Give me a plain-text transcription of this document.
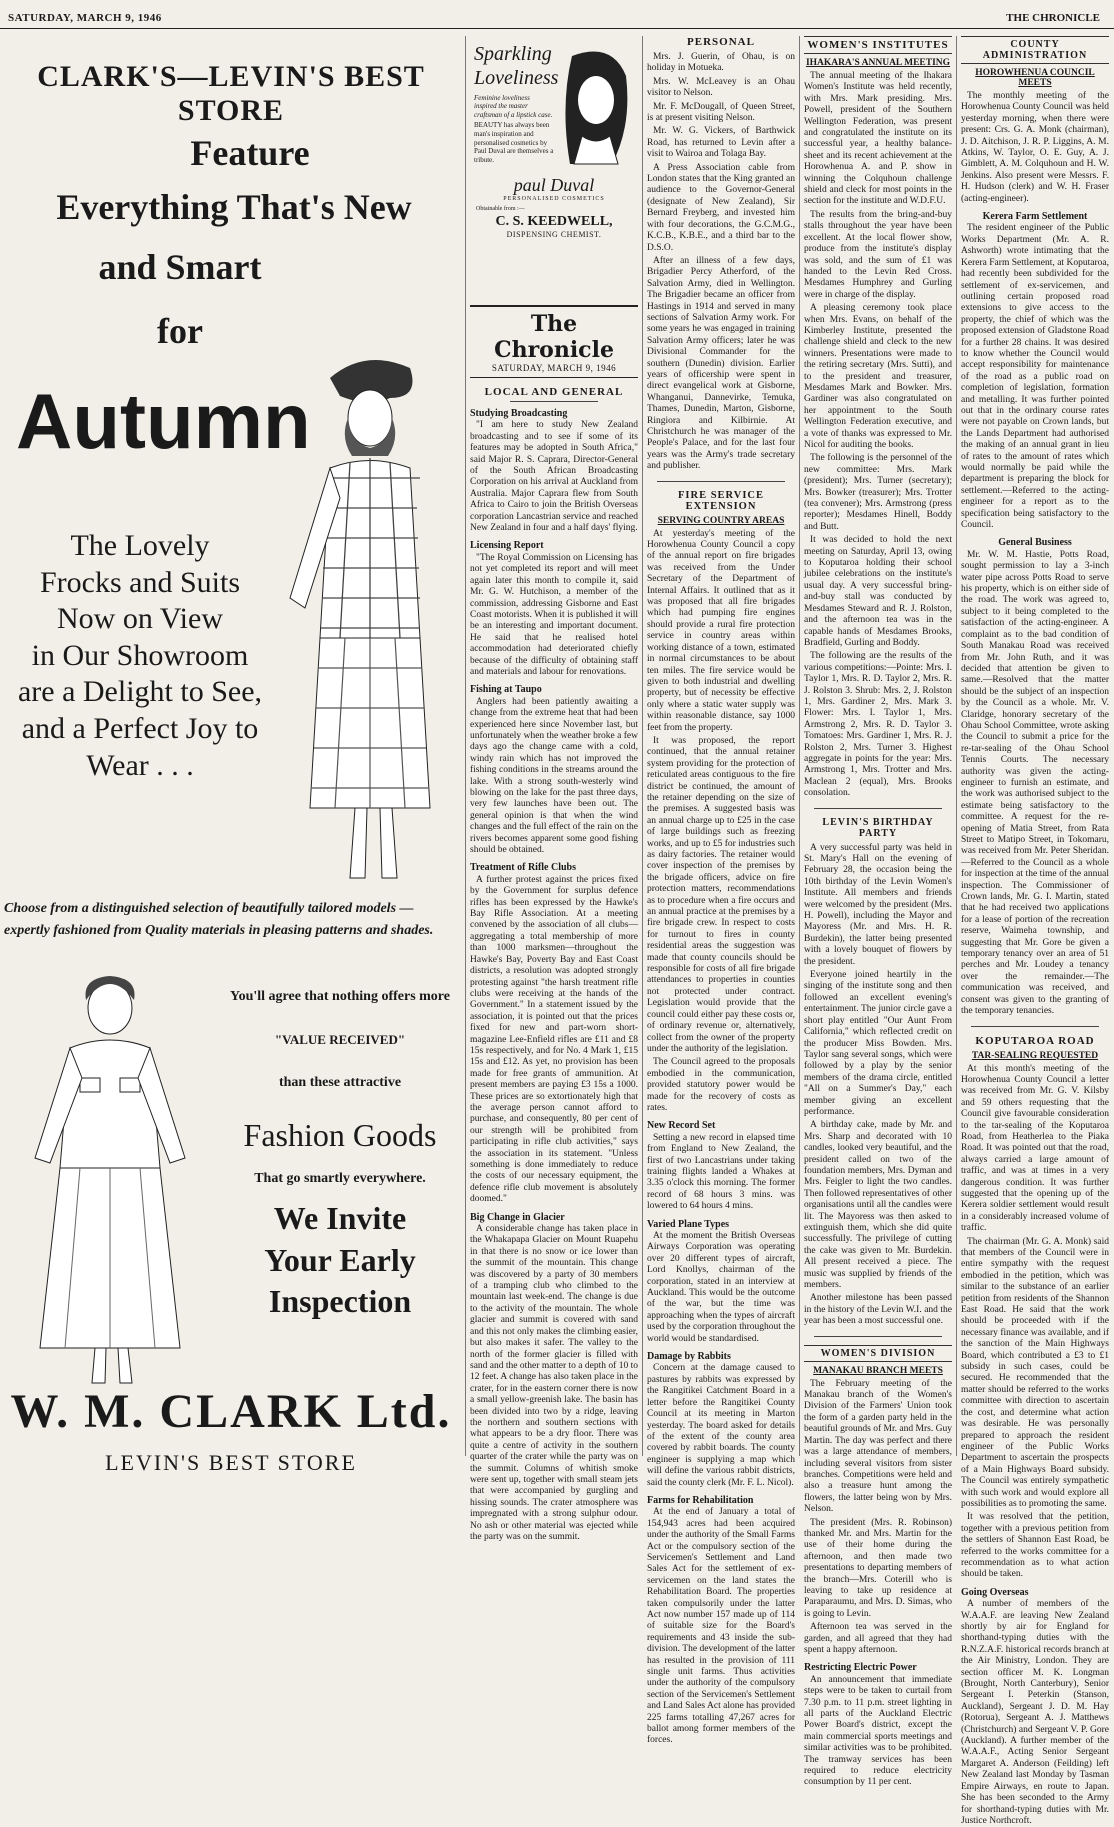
SATURDAY, MARCH 9, 1946	THE CHRONICLE
CLARK'S—LEVIN'S BEST STORE
Feature
Everything That's New
and Smart
for
Autumn
The Lovely
Frocks and Suits
Now on View
in Our Showroom
are a Delight to See,
and a Perfect Joy to
Wear . . .
Choose from a distinguished selection of beautifully tailored models — expertly fashioned from Quality materials in pleasing patterns and shades.
You'll agree that nothing offers more
"VALUE RECEIVED"
than these attractive
Fashion Goods
That go smartly everywhere.
We Invite
Your Early
Inspection
W. M. CLARK Ltd.
LEVIN'S BEST STORE
Sparkling Loveliness
Feminine loveliness inspired the master craftsman of a lipstick case.
BEAUTY has always been man's inspiration and personalised cosmetics by Paul Duval are themselves a tribute.
paul Duval
PERSONALISED COSMETICS
Obtainable from :—
C. S. KEEDWELL,
DISPENSING CHEMIST.
The Chronicle
SATURDAY, MARCH 9, 1946
LOCAL AND GENERAL
Studying Broadcasting

"I am here to study New Zealand broadcasting and to see if some of its features may be adopted in South Africa," said Major R. S. Caprara, Director-General of the South African Broadcasting Corporation on his arrival at Auckland from Australia. Major Caprara flew from South Africa to Cairo to join the British Overseas corporation Lancastrian service and reached New Zealand in four and a half days' flying.

Licensing Report

"The Royal Commission on Licensing has not yet completed its report and will meet again later this month to compile it, said Mr. G. W. Hutchison, a member of the commission, addressing Gisborne and East Coast motorists. When it is published it will be an interesting and important document. He said that he realised hotel accommodation had deteriorated chiefly because of the difficulty of obtaining staff and materials and labour for renovations.

Fishing at Taupo

Anglers had been patiently awaiting a change from the extreme heat that had been experienced here since November last, but unfortunately when the weather broke a few days ago the change came with a cold, windy rain which has not improved the fishing conditions in the streams around the lake. With a strong south-westerly wind blowing on the lake for the past three days, very few launches have been out. The general opinion is that when the wind changes and the full effect of the rain on the rivers becomes apparent some good fishing should be obtained.

Treatment of Rifle Clubs

A further protest against the prices fixed by the Government for surplus defence rifles has been expressed by the Hawke's Bay Rifle Association. At a meeting convened by the association of all clubs—aggregating a total membership of more than 1000 marksmen—throughout the Hawke's Bay, Poverty Bay and East Coast districts, a resolution was adopted strongly protesting against "the harsh treatment rifle clubs were receiving at the hands of the Government." In a statement issued by the association, it is pointed out that the prices fixed for new and part-worn short-magazine Lee-Enfield rifles are £11 and £8 15s respectively, and for No. 4 Mark 1, £15 15s and £12. As yet, no provision has been made for free grants of ammunition. At present members are paying £3 15s a 1000. These prices are so extortionately high that the average person cannot afford to purchase, and consequently, 80 per cent of our strength will be prohibited from participating in rifle club activities," says the association in its statement. "Unless something is done immediately to reduce the costs of our necessary equipment, the defence rifle club movement is absolutely doomed."

Big Change in Glacier

A considerable change has taken place in the Whakapapa Glacier on Mount Ruapehu in that there is no snow or ice lower than the summit of the mountain. This change was discovered by a party of 30 members of a tramping club who climbed to the mountain last week-end. The change is due to the activity of the mountain. The whole glacier and summit is covered with sand and this not only makes the climbing easier, but also makes it safer. The valley to the north of the former glacier is filled with sand and the other matter to a depth of 10 to 12 feet. A change has also taken place in the crater, for in the eastern corner there is now a small yellow-greenish lake. The basin has been divided into two by a ridge, leaving the northern and southern sections with what appears to be a dry floor. There was quite a centre of activity in the southern quarter of the crater while the party was on the summit. Columns of whitish smoke were sent up, together with small steam jets that were accompanied by gurgling and hissing sounds. The crater atmosphere was impregnated with a strong sulphur odour. No ash or other material was ejected while the party was on the summit.

PERSONAL

Mrs. J. Guerin, of Ohau, is on holiday in Motueka.

Mrs. W. McLeavey is an Ohau visitor to Nelson.

Mr. F. McDougall, of Queen Street, is at present visiting Nelson.

Mr. W. G. Vickers, of Barthwick Road, has returned to Levin after a visit to Wairoa and Tolaga Bay.

A Press Association cable from London states that the King granted an audience to the Governor-General (designate of New Zealand), Sir Bernard Freyberg, and invested him with four decorations, the G.C.M.G., K.C.B., K.B.E., and a third bar to the D.S.O.

After an illness of a few days, Brigadier Percy Atherford, of the Salvation Army, died in Wellington. The Brigadier became an officer from Hastings in 1914 and served in many sections of Salvation Army work. For some years he was engaged in training Salvation Army officers; later he was Divisional Commander for the southern (Dunedin) division. Earlier years of officership were spent in direct evangelical work at Gisborne, Whanganui, Dannevirke, Temuka, Thames, Dunedin, Marton, Gisborne, Ringiora and Kilbirnie. At Christchurch he was manager of the People's Palace, and for the last four years was the Army's trade secretary and publisher.

FIRE SERVICE EXTENSION
SERVING COUNTRY AREAS

At yesterday's meeting of the Horowhenua County Council a copy of the annual report on fire brigades was received from the Under Secretary of the Department of Internal Affairs. It outlined that as it was proposed that all fire brigades which had pumping fire engines should provide a rural fire protection service in country areas within working distance of a town, estimated in normal circumstances to be about ten miles. The fire service would be given to both industrial and dwelling property, but of necessity be effective only where a static water supply was within reasonable distance, say 1000 feet from the property.

It was proposed, the report continued, that the annual retainer system providing for the protection of reticulated areas contiguous to the fire district be continued, the amount of the retainer depending on the size of the premises. A suggested basis was an annual charge up to £25 in the case of large buildings such as freezing works, and up to £5 for industries such as dairy factories. The retainer would cover inspection of the premises by the brigade officers, advice on fire protection matters, recommendations as to procedure when a fire occurs and an annual practice at the premises by a fire brigade crew. In respect to costs for turnout to fires in county residential areas the suggestion was made that county councils should be responsible for costs of all fire brigade attendances to properties in counties not protected under contract. Legislation would provide that the council could either pay these costs or, of ordinary revenue or, alternatively, collect from the owner of the property under the authority of the legislation.

The Council agreed to the proposals embodied in the communication, provided statutory power would be made for the recovery of costs as rates.

New Record Set

Setting a new record in elapsed time from England to New Zealand, the first of two Lancastrians under taking training flights landed a Whakes at 3.35 o'clock this morning. The former record of 68 hours 3 mins. was lowered to 64 hours 4 mins.

Varied Plane Types

At the moment the British Overseas Airways Corporation was operating over 20 different types of aircraft, Lord Knollys, chairman of the corporation, stated in an interview at Auckland. This would be the outcome of the war, but the time was approaching when the types of aircraft used by the corporation throughout the world would be standardised.

Damage by Rabbits

Concern at the damage caused to pastures by rabbits was expressed by the Rangitikei Catchment Board in a letter before the Rangitikei County Council at its meeting in Marton yesterday. The board asked for details of the extent of the county area covered by rabbit boards. The county engineer is supplying a map which will define the various rabbit districts, said the county clerk (Mr. F. L. Nicol).

Farms for Rehabilitation

At the end of January a total of 154,943 acres had been acquired under the authority of the Small Farms Act or the compulsory section of the Servicemen's Settlement and Land Sales Act for the settlement of ex-servicemen on the land states the Rehabilitation Board. The properties taken compulsorily under the latter Act now number 157 made up of 114 of suitable size for the Board's requirements and 43 inside the sub-division. The development of the latter has resulted in the provision of 111 single unit farms. Thus activities under the authority of the compulsory section of the Servicemen's Settlement and Land Sales Act alone has provided 225 farms totalling 47,267 acres for ballot among former members of the forces.

WOMEN'S INSTITUTES
IHAKARA'S ANNUAL MEETING

The annual meeting of the Ihakara Women's Institute was held recently, with Mrs. Mark presiding. Mrs. Powell, president of the Southern Wellington Federation, was present and congratulated the institute on its successful year, a healthy balance-sheet and its recent achievement at the Horowhenua A. and P. show in winning the Colquhoun challenge shield and cleck for most points in the section for the institute and W.D.F.U.

The results from the bring-and-buy stalls throughout the year have been excellent. At the local flower show, produce from the institute's display was sold, and the sum of £1 was handed to the Levin Red Cross. Mesdames Humphrey and Gurling were in charge of the display.

A pleasing ceremony took place when Mrs. Evans, on behalf of the Kimberley Institute, presented the challenge shield and cleck to the new winners. Presentations were made to the retiring secretary (Mrs. Sutti), and to the president and treasurer, Mesdames Mark and Bowker. Mrs. Gardiner was also congratulated on her appointment to the South Wellington Federation executive, and a vote of thanks was expressed to Mr. Nicol for auditing the books.

The following is the personnel of the new committee: Mrs. Mark (president); Mrs. Turner (secretary); Mrs. Bowker (treasurer); Mrs. Trotter (tea convener); Mrs. Armstrong (press reporter); Mesdames Hinell, Boddy and Butt.

It was decided to hold the next meeting on Saturday, April 13, owing to Koputaroa holding their school jubilee celebrations on the institute's usual day. A very successful bring-and-buy stall was conducted by Mesdames Steward and R. J. Rolston, and the afternoon tea was in the capable hands of Mesdames Brooks, Bradfield, Gurling and Boddy.

The following are the results of the various competitions:—Pointe: Mrs. I. Taylor 1, Mrs. R. D. Taylor 2, Mrs. R. J. Rolston 3. Shrub: Mrs. 2, J. Rolston 1, Mrs. Gardiner 2, Mrs. Mark 3. Flower: Mrs. I. Taylor 1, Mrs. Armstrong 2, Mrs. R. D. Taylor 3. Tomatoes: Mrs. Gardiner 1, Mrs. R. J. Rolston 2, Mrs. Turner 3. Highest aggregate in points for the year: Mrs. Armstrong 1, Mrs. Trotter and Mrs. Maclean 2 (equal), Mrs. Brooks consolation.

LEVIN'S BIRTHDAY PARTY

A very successful party was held in St. Mary's Hall on the evening of February 28, the occasion being the 10th birthday of the Levin Women's Institute. All members and friends were welcomed by the president (Mrs. H. Powell), including the Mayor and Mayoress (Mr. and Mrs. H. R. Burdekin), the latter being presented with a lovely bouquet of flowers by the president.

Everyone joined heartily in the singing of the institute song and then followed an excellent evening's entertainment. The junior circle gave a short play entitled "Our Aunt From California," which reflected credit on the producer Miss Bowden. Mrs. Taylor sang several songs, which were followed by a play by the senior members of the drama circle, entitled "All on a Summer's Day," each member giving an excellent performance.

A birthday cake, made by Mr. and Mrs. Sharp and decorated with 10 candles, looked very beautiful, and the president called on two of the foundation members, Mrs. Dyman and Mrs. Feigler to light the two candles. Then followed representatives of other organisations until all the candles were lit. The Mayoress was then asked to extinguish them, which she did quite successfully. The privilege of cutting the cake was given to Mr. Burdekin. All present received a piece. The music was supplied by friends of the members.

Another milestone has been passed in the history of the Levin W.I. and the year has been a most successful one.

WOMEN'S DIVISION
MANAKAU BRANCH MEETS

The February meeting of the Manakau branch of the Women's Division of the Farmers' Union took the form of a garden party held in the beautiful grounds of Mr. and Mrs. Guy Martin. The day was perfect and there was a large attendance of members, including several visitors from sister branches. Competitions were held and also a treasure hunt among the flowers, the latter being won by Mrs. Nelson.

The president (Mrs. R. Robinson) thanked Mr. and Mrs. Martin for the use of their home during the afternoon, and then made two presentations to departing members of the branch—Mrs. Coterill who is leaving to take up residence at Paraparaumu, and Mrs. D. Simas, who is going to Levin.

Afternoon tea was served in the garden, and all agreed that they had spent a happy afternoon.

Restricting Electric Power

An announcement that immediate steps were to be taken to curtail from 7.30 p.m. to 11 p.m. street lighting in all parts of the Auckland Electric Power Board's district, except the main commercial sports meetings and similar activities was to be prohibited. The tramway services has been required to reduce electricity consumption by 11 per cent.

COUNTY ADMINISTRATION
HOROWHENUA COUNCIL MEETS

The monthly meeting of the Horowhenua County Council was held yesterday morning, when there were present: Crs. G. A. Monk (chairman), J. D. Aitchison, J. R. P. Liggins, A. M. Atkins, W. Taylor, O. E. Guy, A. J. Gimblett, A. M. Colquhoun and H. W. Jenkins. Also present were Messrs. F. H. Hudson (clerk) and W. H. Fraser (acting-engineer).

Kerera Farm Settlement

The resident engineer of the Public Works Department (Mr. A. R. Ashworth) wrote intimating that the Kerera Farm Settlement, at Koputaroa, had recently been subdivided for the settlement of ex-servicemen, and outlining certain proposed road extensions to give access to the property, the chief of which was the proposed extension of Gladstone Road for a further 28 chains. It was desired to know whether the Council would accept responsibility for maintenance of the road as a public road on completion of legislation, formation and metalling. It was further pointed out that in the ordinary course rates were not payable on Crown lands, but the Lands Department had authorised the making of an annual grant in lieu of rates to the amount of rates which would normally be paid while the department is preparing the block for settlement.—Referred to the acting-engineer for a report as to the specification being satisfactory to the Council.

General Business

Mr. W. M. Hastie, Potts Road, sought permission to lay a 3-inch water pipe across Potts Road to serve his property, which is on either side of the road. The work was agreed to, subject to it being completed to the satisfaction of the acting-engineer. A complaint as to the bad condition of South Manakau Road was received from Mr. John Ruth, and it was decided that attention be given to same.—Resolved that the matter should be the subject of an inspection by the Council as a whole. Mr. V. Claridge, honorary secretary of the Ohau School Committee, wrote asking the Council to submit a price for the re-tar-sealing of the Ohau School Tennis Courts. The necessary authority was given the acting-engineer to furnish an estimate, and the work was authorised subject to the estimate being satisfactory to the committee. A request for the re-opening of Matia Street, from Rata Street to Matipo Street, in Tokomaru, was received from Mr. Peter Sheridan.—Referred to the Council as a whole for inspection at the time of the annual inspection. The Commissioner of Crown lands, Mr. G. I. Martin, stated that he had received two applications for a lease of portion of the recreation reserve, Waimeha township, and suggesting that Mr. Gore be given a temporary tenancy over an area of 51 perches and Mr. Loudey a tenancy over the remainder.—The communication was received, and consent was given to the granting of the temporary tenancies.

KOPUTAROA ROAD
TAR-SEALING REQUESTED

At this month's meeting of the Horowhenua County Council a letter was received from Mr. G. V. Kilsby and 59 others requesting that the Council give favourable consideration to the tar-sealing of the Koputaroa Road, from Heatherlea to the Piaka Road. It was pointed out that the road, always carried a large amount of traffic, and was at times in a very dangerous condition. It was further suggested that the opening up of the Kerera soldier settlement would result in a considerably increased volume of traffic.

The chairman (Mr. G. A. Monk) said that members of the Council were in entire sympathy with the request embodied in the petition, which was similar to the substance of an earlier petition from residents of the Shannon East Road. He said that the work should be proceeded with if the necessary finance was available, and if the sanction of the Main Highways Board, which contributed a £3 to £1 subsidy in such cases, could be secured. He recommended that the matter should be referred to the works committee with direction to ascertain the cost, and determine what action was desirable. He was personally prepared to approach the resident engineer of the Public Works Department to ascertain the prospects of a Main Highways Board subsidy. The Council was entirely sympathetic with such work and would explore all possibilities as to promoting the same.

It was resolved that the petition, together with a previous petition from the settlers of Shannon East Road, be referred to the works committee for a recommendation as to what action should be taken.

Going Overseas

A number of members of the W.A.A.F. are leaving New Zealand shortly by air for England for shorthand-typing duties with the R.N.Z.A.F. historical records branch at the Air Ministry, London. They are section officer M. K. Longman (Brought, North Canterbury), Senior Sergeant I. Peterkin (Stanson, Auckland), Sergeant J. D. M. Hay (Rotorua), Sergeant A. J. Matthews (Christchurch) and Sergeant V. P. Gore (Auckland). A further member of the W.A.A.F., Acting Senior Sergeant Margaret A. Anderson (Feilding) left New Zealand last Monday by Tasman Empire Airways, en route to Japan. She has been seconded to the Army for shorthand-typing duties with Mr. Justice Northcroft.
